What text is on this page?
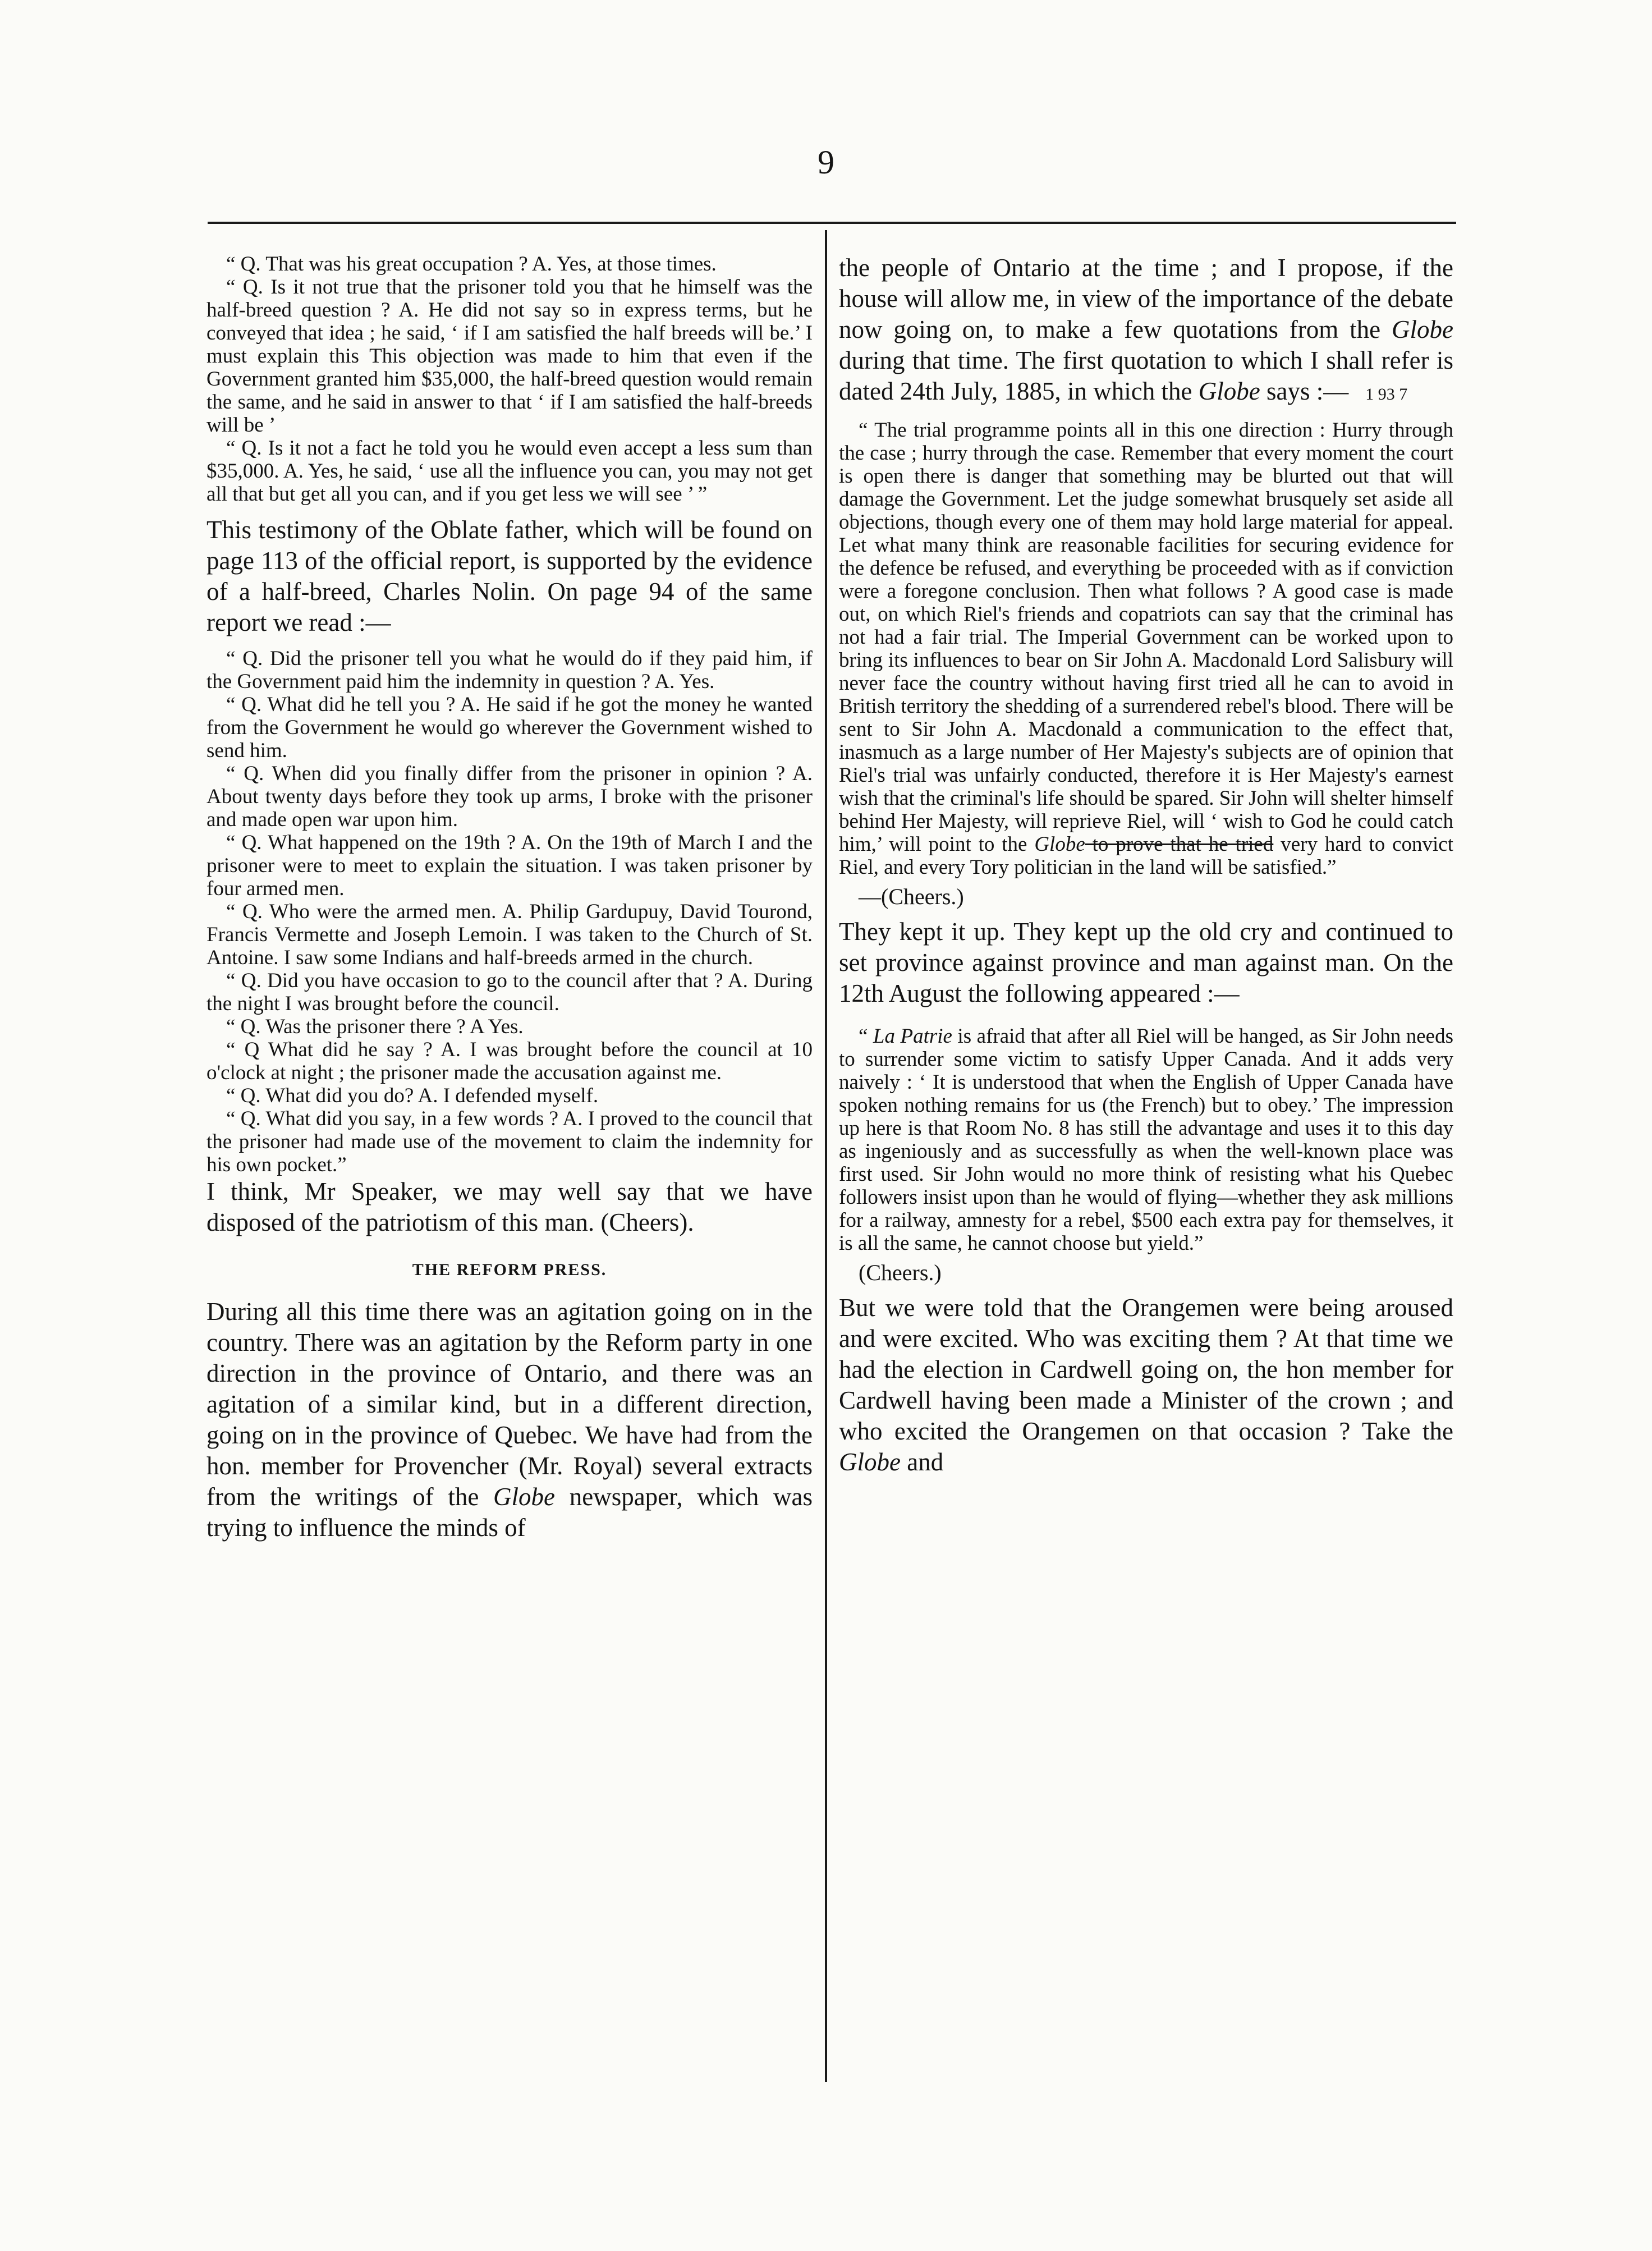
9

“ Q. That was his great occupation ? A. Yes, at those times.

“ Q. Is it not true that the prisoner told you that he himself was the half-breed question ? A. He did not say so in express terms, but he conveyed that idea ; he said, ‘ if I am satisfied the half breeds will be.’ I must explain this This objection was made to him that even if the Government granted him $35,000, the half-breed question would remain the same, and he said in answer to that ‘ if I am satisfied the half-breeds will be ’

“ Q. Is it not a fact he told you he would even accept a less sum than $35,000. A. Yes, he said, ‘ use all the influence you can, you may not get all that but get all you can, and if you get less we will see ’ ”

This testimony of the Oblate father, which will be found on page 113 of the official report, is supported by the evidence of a half-breed, Charles Nolin. On page 94 of the same report we read :—

“ Q. Did the prisoner tell you what he would do if they paid him, if the Government paid him the indemnity in question ? A. Yes.

“ Q. What did he tell you ? A. He said if he got the money he wanted from the Government he would go wherever the Government wished to send him.

“ Q. When did you finally differ from the prisoner in opinion ? A. About twenty days before they took up arms, I broke with the prisoner and made open war upon him.

“ Q. What happened on the 19th ? A. On the 19th of March I and the prisoner were to meet to explain the situation. I was taken prisoner by four armed men.

“ Q. Who were the armed men. A. Philip Gardupuy, David Tourond, Francis Vermette and Joseph Lemoin. I was taken to the Church of St. Antoine. I saw some Indians and half-breeds armed in the church.

“ Q. Did you have occasion to go to the council after that ? A. During the night I was brought before the council.

“ Q. Was the prisoner there ? A Yes.

“ Q What did he say ? A. I was brought before the council at 10 o'clock at night ; the prisoner made the accusation against me.

“ Q. What did you do? A. I defended myself.

“ Q. What did you say, in a few words ? A. I proved to the council that the prisoner had made use of the movement to claim the indemnity for his own pocket.”

I think, Mr Speaker, we may well say that we have disposed of the patriotism of this man. (Cheers).

THE REFORM PRESS.

During all this time there was an agitation going on in the country. There was an agitation by the Reform party in one direction in the province of Ontario, and there was an agitation of a similar kind, but in a different direction, going on in the province of Quebec. We have had from the hon. member for Provencher (Mr. Royal) several extracts from the writings of the Globe newspaper, which was trying to influence the minds of

the people of Ontario at the time ; and I propose, if the house will allow me, in view of the importance of the debate now going on, to make a few quotations from the Globe during that time. The first quotation to which I shall refer is dated 24th July, 1885, in which the Globe says :— 1 93 7

“ The trial programme points all in this one direction : Hurry through the case ; hurry through the case. Remember that every moment the court is open there is danger that something may be blurted out that will damage the Government. Let the judge somewhat brusquely set aside all objections, though every one of them may hold large material for appeal. Let what many think are reasonable facilities for securing evidence for the defence be refused, and everything be proceeded with as if conviction were a foregone conclusion. Then what follows ? A good case is made out, on which Riel's friends and copatriots can say that the criminal has not had a fair trial. The Imperial Government can be worked upon to bring its influences to bear on Sir John A. Macdonald Lord Salisbury will never face the country without having first tried all he can to avoid in British territory the shedding of a surrendered rebel's blood. There will be sent to Sir John A. Macdonald a communication to the effect that, inasmuch as a large number of Her Majesty's subjects are of opinion that Riel's trial was unfairly conducted, therefore it is Her Majesty's earnest wish that the criminal's life should be spared. Sir John will shelter himself behind Her Majesty, will reprieve Riel, will ‘ wish to God he could catch him,’ will point to the Globe to prove that he tried very hard to convict Riel, and every Tory politician in the land will be satisfied.”

—(Cheers.)

They kept it up. They kept up the old cry and continued to set province against province and man against man. On the 12th August the following appeared :—

“ La Patrie is afraid that after all Riel will be hanged, as Sir John needs to surrender some victim to satisfy Upper Canada. And it adds very naively : ‘ It is understood that when the English of Upper Canada have spoken nothing remains for us (the French) but to obey.’ The impression up here is that Room No. 8 has still the advantage and uses it to this day as ingeniously and as successfully as when the well-known place was first used. Sir John would no more think of resisting what his Quebec followers insist upon than he would of flying—whether they ask millions for a railway, amnesty for a rebel, $500 each extra pay for themselves, it is all the same, he cannot choose but yield.”

(Cheers.)

But we were told that the Orangemen were being aroused and were excited. Who was exciting them ? At that time we had the election in Cardwell going on, the hon member for Cardwell having been made a Minister of the crown ; and who excited the Orangemen on that occasion ? Take the Globe and
